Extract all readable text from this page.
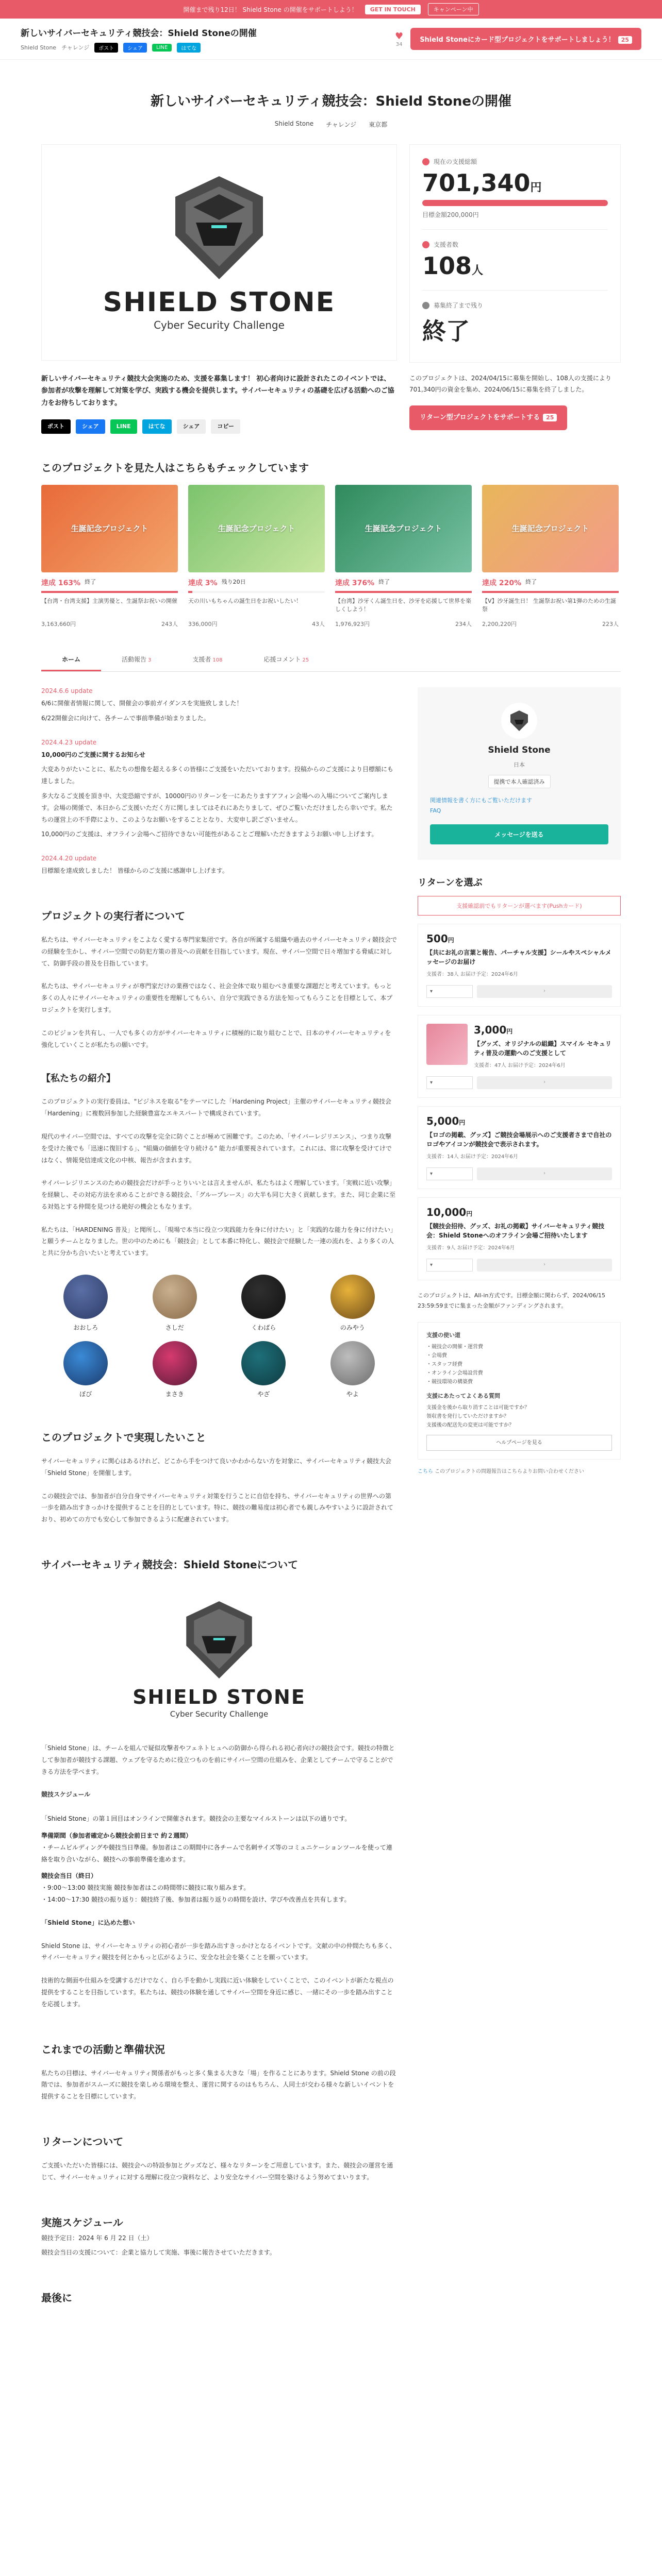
開催まで残り12日！ Shield Stone の開催をサポートしよう！	GET IN TOUCH	キャンペーン中
新しいサイバーセキュリティ競技会：Shield Stoneの開催
Shield Stone チャレンジ	ポスト	シェア	LINE	はてな
♥
34
Shield Stoneにカード型プロジェクトをサポートしましょう！ 25
新しいサイバーセキュリティ競技会：Shield Stoneの開催
Shield Stone チャレンジ 東京都
SHIELD STONE
Cyber Security Challenge
現在の支援総額
701,340円
目標金額200,000円
支援者数
108人
募集終了まで残り
終了
新しいサイバーセキュリティ競技大会実施のため、支援を募集します！ 初心者向けに設計されたこのイベントでは、参加者が攻撃を理解して対策を学び、実践する機会を提供します。サイバーセキュリティの基礎を広げる活動へのご協力をお待ちしております。
ポスト	シェア	LINE	はてな	シェア	コピー
このプロジェクトは、2024/04/15に募集を開始し、108人の支援により 701,340円の資金を集め、2024/06/15に募集を終了しました。
リターン型プロジェクトをサポートする 25
このプロジェクトを見た人はこちらもチェックしています
生誕記念プロジェクト
達成 163% 終了
【台湾・台湾支援】主演男優と、生誕祭お祝いの開催
3,163,660円	243人
生誕記念プロジェクト
達成 3% 残り20日
天の川いもちゃんの誕生日をお祝いしたい！
336,000円	43人
生誕記念プロジェクト
達成 376% 終了
【台湾】沙牙くん誕生日を、沙牙を応援して世界を楽しくしよう！
1,976,923円	234人
生誕記念プロジェクト
達成 220% 終了
【V】沙牙誕生日！ 生誕祭お祝い第1弾のための生誕祭
2,200,220円	223人
ホーム	活動報告 3	支援者 108	応援コメント 25
2024.6.6 update
6/6に開催者情報に関して、開催会の事前ガイダンスを実施致しました！
6/22開催会に向けて、各チームで事前準備が始まりました。
2024.4.23 update
10,000円のご支援に関するお知らせ
大変ありがたいことに、私たちの想像を超える多くの皆様にご支援をいただいております。投稿からのご支援により目標額にも達しました。
多大なるご支援を頂き中、大変恐縮ですが、10000円のリターンを一にあたりますアフィン会場への入場についてご案内します。会場の関係で、本日からご支援いただく方に関しましてはそれにあたりまして、ぜひご覧いただけましたら幸いです。私たちの運営上の不手際により、このようなお願いをすることとなり、大変申し訳ございません。
10,000円のご支援は、オフライン会場へご招待できない可能性があることご理解いただきますようお願い申し上げます。
2024.4.20 update
目標額を達成致しました！ 皆様からのご支援に感謝申し上げます。
プロジェクトの実行者について
私たちは、サイバーセキュリティをこよなく愛する専門家集団です。各自が所属する組織や過去のサイバーセキュリティ競技会での経験を生かし、サイバー空間での防犯方策の普及への貢献を目指しています。現在、サイバー空間で日々増加する脅威に対して、防御手段の普及を目指しています。
私たちは、サイバーセキュリティが専門家だけの業務ではなく、社会全体で取り組むべき重要な課題だと考えています。もっと多くの人々にサイバーセキュリティの重要性を理解してもらい、自分で実践できる方法を知ってもらうことを目標として、本プロジェクトを実行します。
このビジョンを共有し、一人でも多くの方がサイバーセキュリティに積極的に取り組むことで、日本のサイバーセキュリティを強化していくことが私たちの願いです。
【私たちの紹介】
このプロジェクトの実行委員は、"ピジネスを取る"をテーマにした「Hardening Project」主催のサイバーセキュリティ競技会「Hardening」に複数回参加した経験豊富なエキスパートで構成されています。
現代のサイバー空間では、すべての攻撃を完全に防ぐことが極めて困難です。このため、「サイバーレジリエンス」、つまり攻撃を受けた後でも「迅速に復旧する」、"組織の価値を守り続ける" 能力が重要視されています。これには、常に攻撃を受けてけではなく、情報発信達成文化の中核、報告が含まれます。
サイバーレジリエンスのための競技会だけが手っとりいいとは言えませんが、私たちはよく理解しています。「実戦に近い攻撃」を経験し、その対応方法を求めることができる競技会、「グループレース」の大半も同じ大きく貢献します。また、同じ企業に至る対処とする仲間を見つける絶好の機会ともなります。
私たちは、「HARDENING 普及」と聞所し、「現場で本当に役立つ実践能力を身に付けたい」と「実践的な能力を身に付けたい」と願うチームとなりました。世の中のためにも「競技会」として本番に特化し、競技会で経験した一連の流れを、より多くの人と共に分かち合いたいと考えています。
おおしろ	さしだ	くわばら	のみやう
ぼび	まさき	やざ	やよ
このプロジェクトで実現したいこと
サイバーセキュリティに関心はあるけれど、どこから手をつけて良いかわからない方を対象に、サイバーセキュリティ競技大会「Shield Stone」を開催します。
この競技会では、参加者が自分自身でサイバーセキュリティ対策を行うことに自信を持ち、サイバーセキュリティの世界への第一歩を踏み出すきっかけを提供することを目的としています。特に、競技の難易度は初心者でも親しみやすいように設計されており、初めての方でも安心して参加できるように配慮されています。
サイバーセキュリティ競技会：Shield Stoneについて
SHIELD STONE
Cyber Security Challenge
「Shield Stone」は、チームを組んで疑似攻撃者やフェネトヒュへの防御から得られる初心者向けの競技会です。競技の特徴として参加者が競技する課題、ウェブを守るために役立つものを前にサイバー空間の仕組みを、企業としてチームで守ることができる方法を学べます。
競技スケジュール
「Shield Stone」の第１回目はオンラインで開催されます。競技会の主要なマイルストーンは以下の通りです。
準備期間（参加者確定から競技会前日まで 約２週間）
・チームビルディングや競技当日準備。参加者はこの期間中に各チームで名刺サイズ等のコミュニケーションツールを使って連絡を取り合いながら、競技への事前準備を進めます。
競技会当日（終日）
・9:00～13:00 競技実施 競技参加者はこの時間帯に競技に取り組みます。
・14:00～17:30 競技の振り返り：競技終了後、参加者は振り返りの時間を設け、学びや改善点を共有します。
「Shield Stone」に込めた想い
Shield Stone は、サイバーセキュリティの初心者が一歩を踏み出すきっかけとなるイベントです。文献の中の仲間たちも多く、サイバーセキュリティ競技を何とかもっと広がるように、安全な社会を築くことを願っています。
技術的な側面や仕組みを受講するだけでなく、自ら手を動かし実践に近い体験をしていくことで、このイベントが新たな視点の提供をすることを目指しています。私たちは、競技の体験を通してサイバー空間を身近に感じ、一緒にその一歩を踏み出すことを応援します。
これまでの活動と準備状況
私たちの目標は、サイバーセキュリティ関係者がもっと多く集まる大きな「場」を作ることにあります。Shield Stone の前の段階では、参加者がスムーズに競技を楽しめる環境を整え、運営に関するのはもちろん、人同士が交わる様々な新しいイベントを提供することを目標にしています。
リターンについて
ご支援いただいた皆様には、競技会への特設参加とグッズなど、様々なリターンをご用意しています。また、競技会の運営を通じて、サイバーセキュリティに対する理解に役立つ資料など、より安全なサイバー空間を築けるよう努めてまいります。
実施スケジュール
競技予定日：2024 年 6 月 22 日（土）
競技会当日の支援について：企業と協力して実施、事後に報告させていただきます。
最後に
Shield Stone
日本
提携で本人確認済み
関連情報を書く方にもご覧いただけます
FAQ
メッセージを送る
リターンを選ぶ
支援確認前でもリターンが選べます(Pushカード)
500円
【共にお礼の言葉と報告、パーチャル支援】シールやスペシャルメッセージのお届け
支援者：38人 お届け予定：2024年6月
▾	›
3,000円
【グッズ、オリジナルの組織】スマイル セキュリティ普及の運動へのご支援として
支援者：47人 お届け予定：2024年6月
▾	›
5,000円
【ロゴの掲載、グッズ】ご競技会場展示へのご支援者さまで自社のロゴやアイコンが競技会で表示されます。
支援者：14人 お届け予定：2024年6月
▾	›
10,000円
【競技会招待、グッズ、お礼の掲載】サイバーセキュリティ競技会：Shield Stoneへのオフライン会場ご招待いたします
支援者：9人 お届け予定：2024年6月
▾	›
このプロジェクトは、All-in方式です。目標金額に関わらず、2024/06/15 23:59:59までに集まった金額がファンディングされます。
支援の使い道
・競技会の開催・運営費
・会場費
・スタッフ経費
・オンライン会場設営費
・競技環境の構築費
支援にあたってよくある質問
支援金を後から取り消すことは可能ですか？
領収書を発行していただけますか？
支援後の配送先の変更は可能ですか？
ヘルプページを見る
こちら このプロジェクトの問題報告はこちらよりお問い合わせください
